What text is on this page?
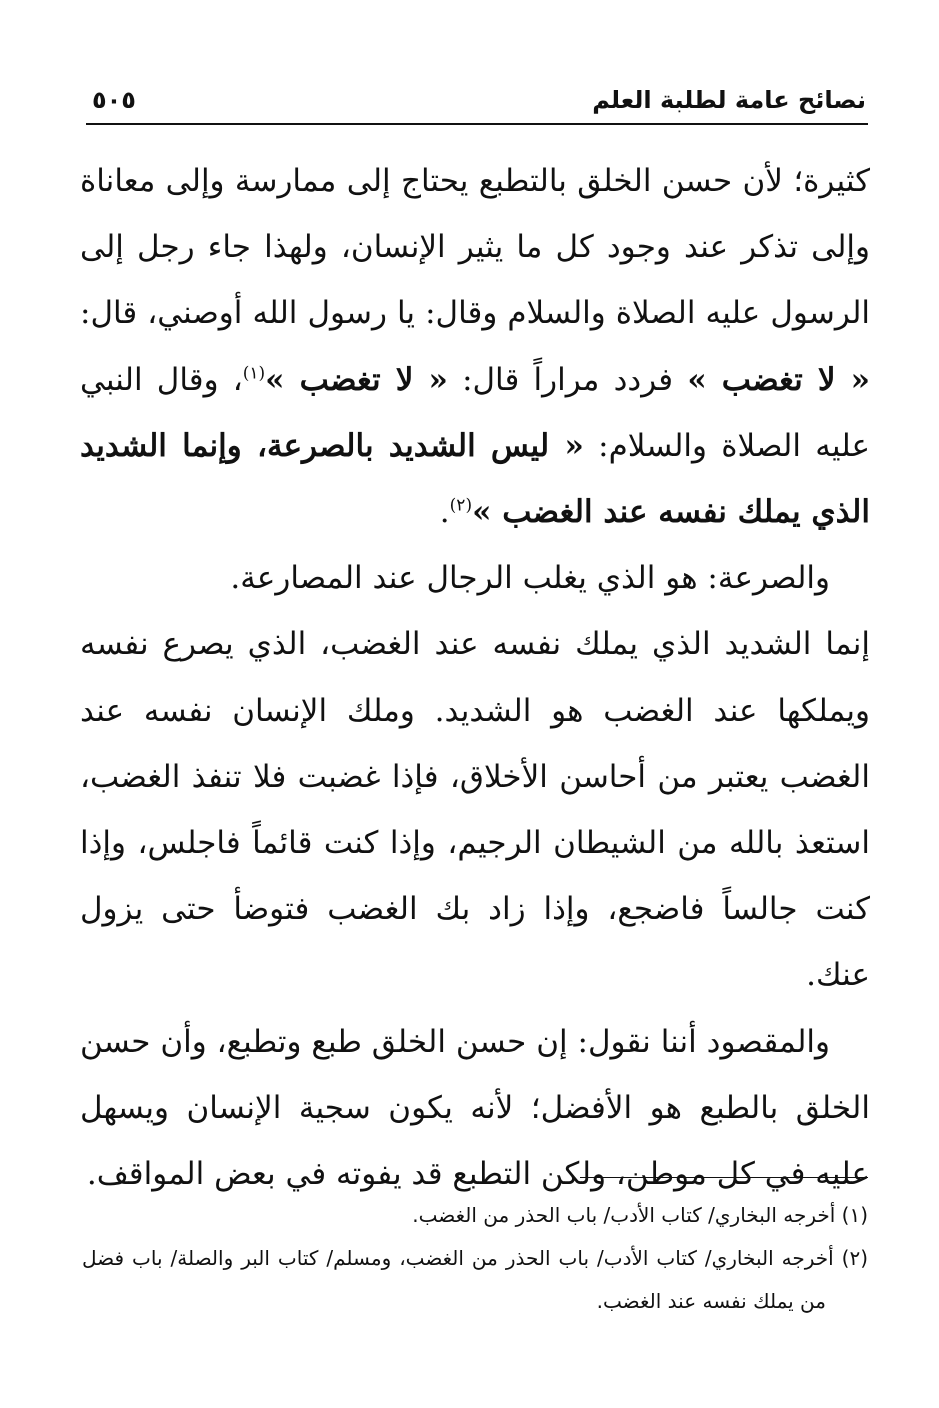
نصائح عامة لطلبة العلم
٥٠٥

كثيرة؛ لأن حسن الخلق بالتطبع يحتاج إلى ممارسة وإلى معاناة وإلى تذكر عند وجود كل ما يثير الإنسان، ولهذا جاء رجل إلى الرسول عليه الصلاة والسلام وقال: يا رسول الله أوصني، قال: « لا تغضب » فردد مراراً قال: « لا تغضب »$^{(١)}$، وقال النبي عليه الصلاة والسلام: « ليس الشديد بالصرعة، وإنما الشديد الذي يملك نفسه عند الغضب »$^{(٢)}$.

والصرعة: هو الذي يغلب الرجال عند المصارعة.

إنما الشديد الذي يملك نفسه عند الغضب، الذي يصرع نفسه ويملكها عند الغضب هو الشديد. وملك الإنسان نفسه عند الغضب يعتبر من أحاسن الأخلاق، فإذا غضبت فلا تنفذ الغضب، استعذ بالله من الشيطان الرجيم، وإذا كنت قائماً فاجلس، وإذا كنت جالساً فاضجع، وإذا زاد بك الغضب فتوضأ حتى يزول عنك.

والمقصود أننا نقول: إن حسن الخلق طبع وتطبع، وأن حسن الخلق بالطبع هو الأفضل؛ لأنه يكون سجية الإنسان ويسهل عليه في كل موطن، ولكن التطبع قد يفوته في بعض المواقف.

(١) أخرجه البخاري/ كتاب الأدب/ باب الحذر من الغضب.

(٢) أخرجه البخاري/ كتاب الأدب/ باب الحذر من الغضب، ومسلم/ كتاب البر والصلة/ باب فضل من يملك نفسه عند الغضب.
